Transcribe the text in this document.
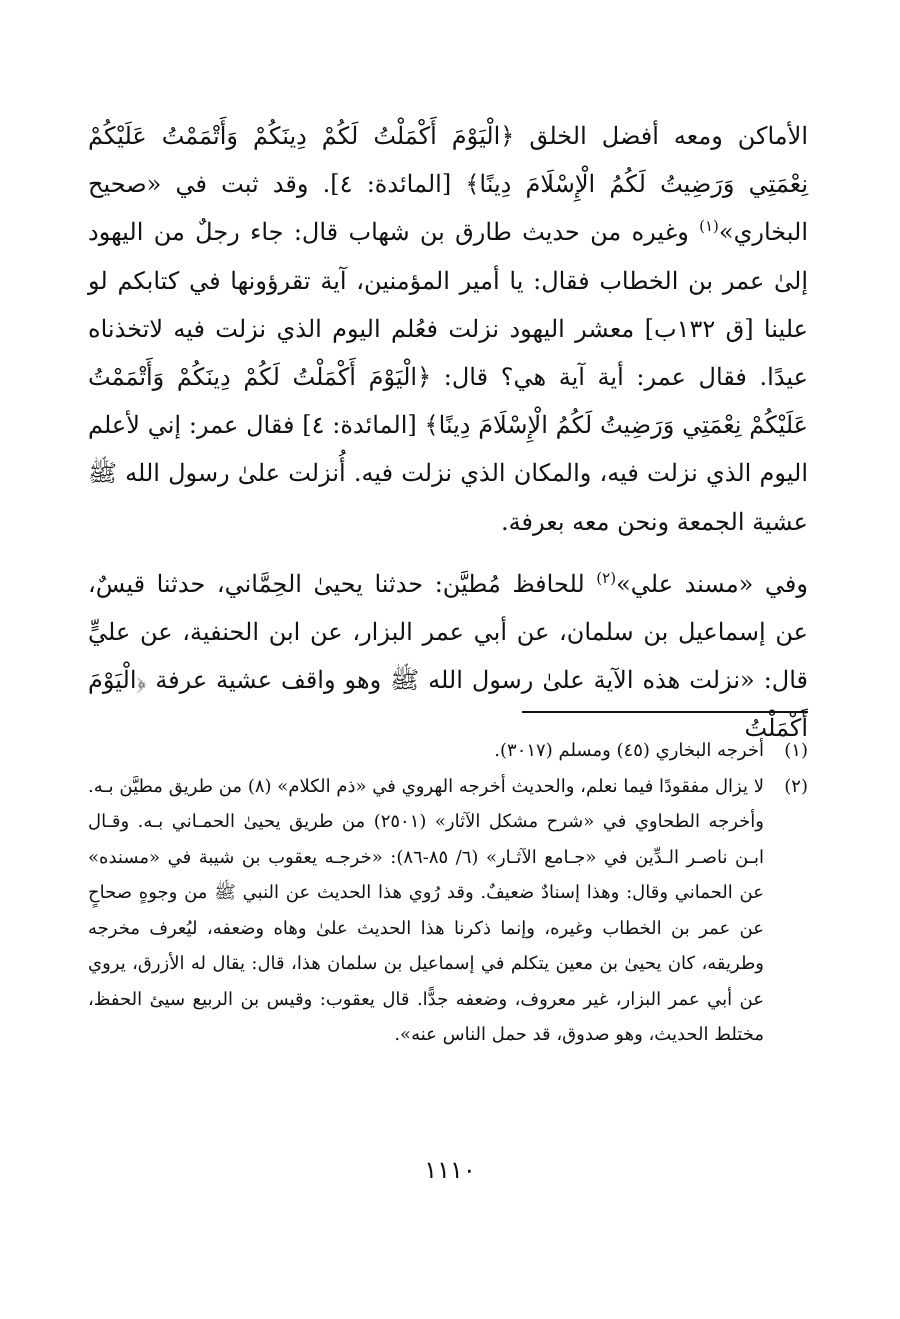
الأماكن ومعه أفضل الخلق ﴿الْيَوْمَ أَكْمَلْتُ لَكُمْ دِينَكُمْ وَأَتْمَمْتُ عَلَيْكُمْ نِعْمَتِي وَرَضِيتُ لَكُمُ الْإِسْلَامَ دِينًا﴾ [المائدة: ٤]. وقد ثبت في «صحيح البخاري»$^{(١)}$ وغيره من حديث طارق بن شهاب قال: جاء رجلٌ من اليهود إلىٰ عمر بن الخطاب فقال: يا أمير المؤمنين، آية تقرؤونها في كتابكم لو علينا [ق ١٣٢ب] معشر اليهود نزلت فعُلم اليوم الذي نزلت فيه لاتخذناه عيدًا. فقال عمر: أية آية هي؟ قال: ﴿الْيَوْمَ أَكْمَلْتُ لَكُمْ دِينَكُمْ وَأَتْمَمْتُ عَلَيْكُمْ نِعْمَتِي وَرَضِيتُ لَكُمُ الْإِسْلَامَ دِينًا﴾ [المائدة: ٤] فقال عمر: إني لأعلم اليوم الذي نزلت فيه، والمكان الذي نزلت فيه. أُنزلت علىٰ رسول الله ﷺ عشية الجمعة ونحن معه بعرفة.

وفي «مسند علي»$^{(٢)}$ للحافظ مُطيَّن: حدثنا يحيىٰ الحِمَّاني، حدثنا قيسٌ، عن إسماعيل بن سلمان، عن أبي عمر البزار، عن ابن الحنفية، عن عليٍّ قال: «نزلت هذه الآية علىٰ رسول الله ﷺ وهو واقف عشية عرفة ﴿الْيَوْمَ أَكْمَلْتُ

(١)
أخرجه البخاري (٤٥) ومسلم (٣٠١٧).
(٢)
لا يزال مفقودًا فيما نعلم، والحديث أخرجه الهروي في «ذم الكلام» (٨) من طريق مطيَّن بـه. وأخرجه الطحاوي في «شرح مشكل الآثار» (٢٥٠١) من طريق يحيىٰ الحمـاني بـه. وقـال ابـن ناصـر الـدِّين في «جـامع الآثـار» (٦/ ٨٥-٨٦): «خرجـه يعقوب بن شيبة في «مسنده» عن الحماني وقال: وهذا إسنادٌ ضعيفٌ. وقد رُوي هذا الحديث عن النبي ﷺ من وجوهٍ صحاحٍ عن عمر بن الخطاب وغيره، وإنما ذكرنا هذا الحديث علىٰ وهاه وضعفه، ليُعرف مخرجه وطريقه، كان يحيىٰ بن معين يتكلم في إسماعيل بن سلمان هذا، قال: يقال له الأزرق، يروي عن أبي عمر البزار، غير معروف، وضعفه جدًّا. قال يعقوب: وقيس بن الربيع سيئ الحفظ، مختلط الحديث، وهو صدوق، قد حمل الناس عنه».
١١١٠
